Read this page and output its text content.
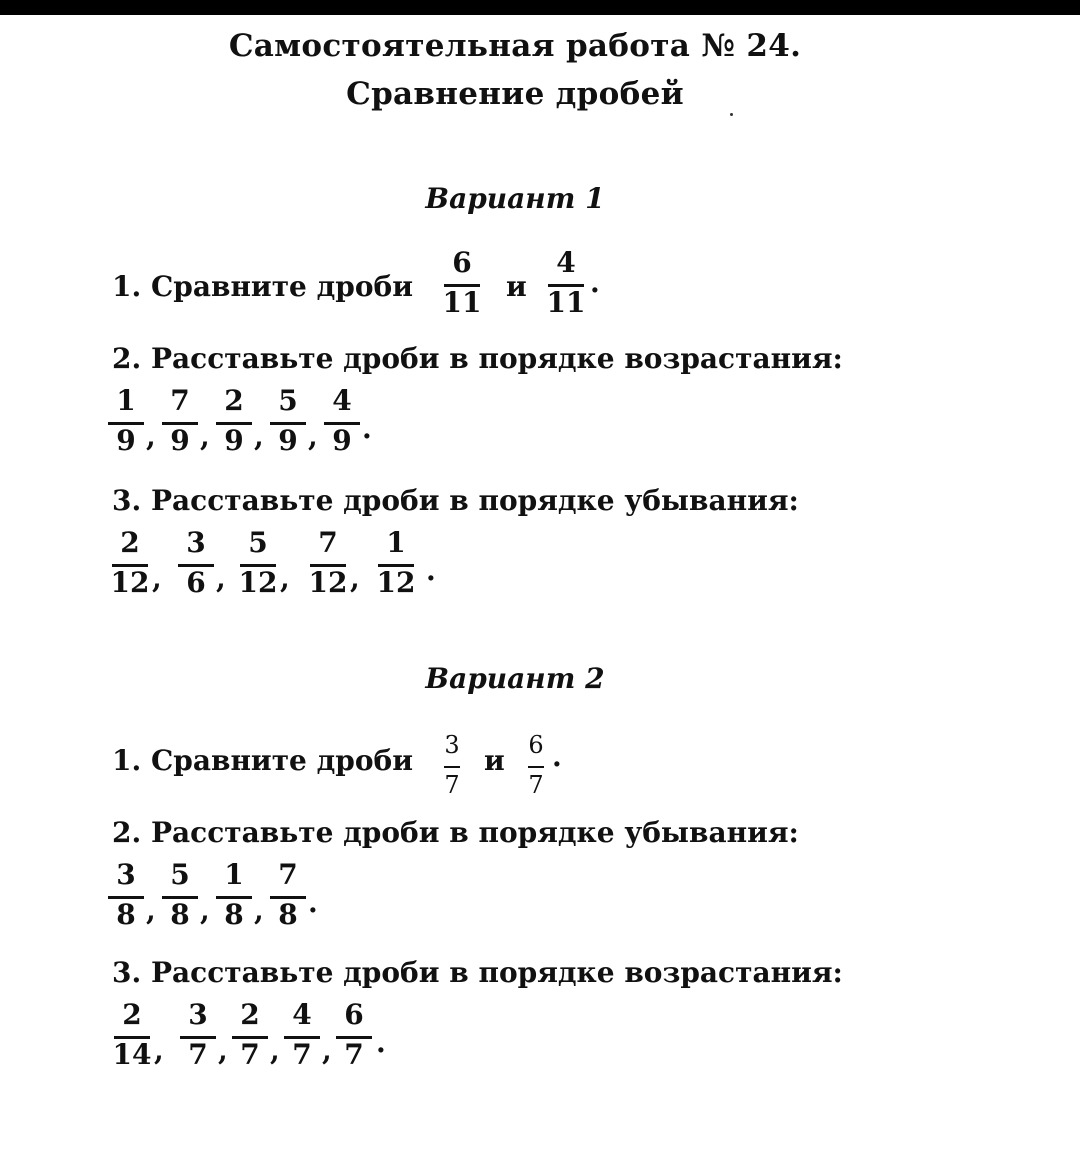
Самостоятельная работа № 24.
Сравнение дробей
Вариант 1
1. Сравните дроби
6
11 и
4
11
.
2. Расставьте дроби в порядке возрастания:
1
9 ,
7
9 ,
2
9 ,
5
9 ,
4
9 .
3. Расставьте дроби в порядке убывания:
2
12 ,
3
6 ,
5
12 ,
7
12 ,
1
12 .
Вариант 2
1. Сравните дроби 3
7
и 6
7
.
2. Расставьте дроби в порядке убывания:
3
8 ,
5
8 ,
1
8 ,
7
8 .
3. Расставьте дроби в порядке возрастания:
2
14 ,
3
7 ,
2
7 ,
4
7 ,
6
7 .
